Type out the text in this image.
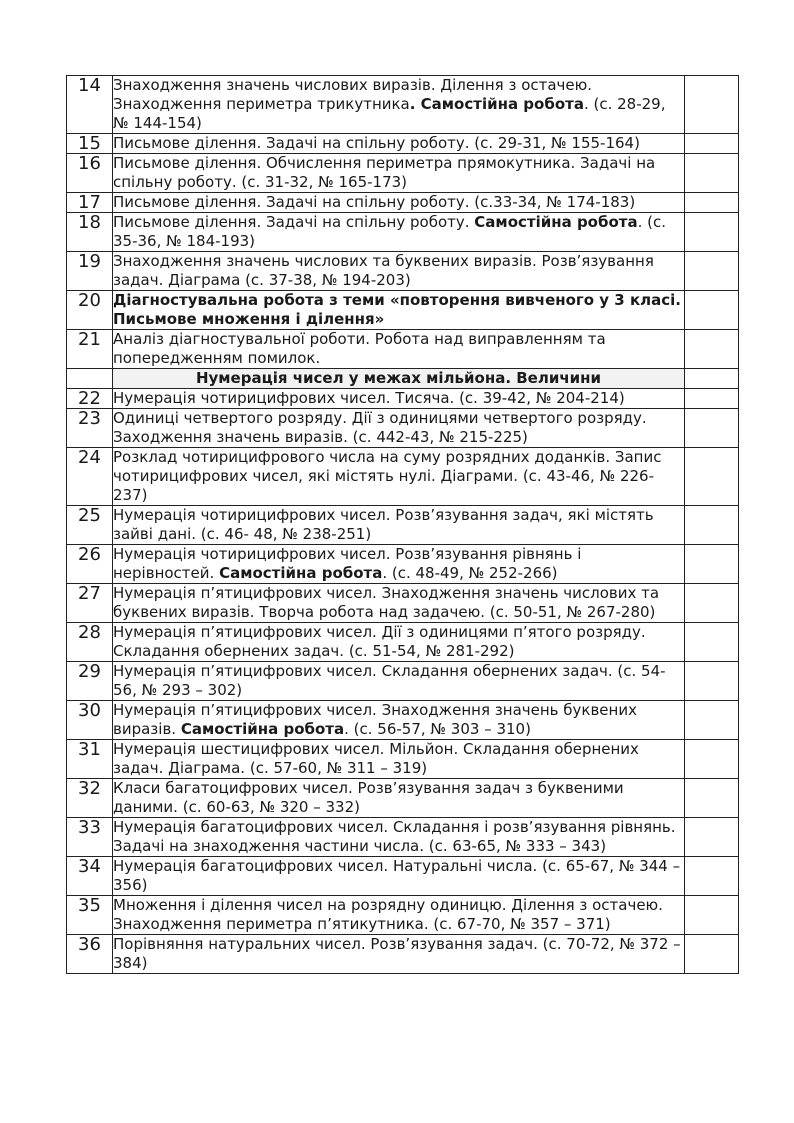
14	Знаходження значень числових виразів. Ділення з остачею. Знаходження периметра трикутника. Самостійна робота. (с. 28-29, № 144-154)	
15	Письмове ділення. Задачі на спільну роботу. (с. 29-31, № 155-164)	
16	Письмове ділення. Обчислення периметра прямокутника. Задачі на спільну роботу. (с. 31-32, № 165-173)	
17	Письмове ділення. Задачі на спільну роботу. (с.33-34, № 174-183)	
18	Письмове ділення. Задачі на спільну роботу. Самостійна робота. (с. 35-36, № 184-193)	
19	Знаходження значень числових та буквених виразів. Розв’язування задач. Діаграма (с. 37-38, № 194-203)	
20	Діагностувальна робота з теми «повторення вивченого у 3 класі. Письмове множення і ділення»	
21	Аналіз діагностувальної роботи. Робота над виправленням та попередженням помилок.	
	Нумерація чисел у межах мільйона. Величини	
22	Нумерація чотирицифрових чисел. Тисяча. (с. 39-42, № 204-214)	
23	Одиниці четвертого розряду. Дії з одиницями четвертого розряду. Заходження значень виразів. (с. 442-43, № 215-225)	
24	Розклад чотирицифрового числа на суму розрядних доданків. Запис чотирицифрових чисел, які містять нулі. Діаграми. (с. 43-46, № 226-237)	
25	Нумерація чотирицифрових чисел. Розв’язування задач, які містять зайві дані. (с. 46- 48, № 238-251)	
26	Нумерація чотирицифрових чисел. Розв’язування рівнянь і нерівностей. Самостійна робота. (с. 48-49, № 252-266)	
27	Нумерація п’ятицифрових чисел. Знаходження значень числових та буквених виразів. Творча робота над задачею. (с. 50-51, № 267-280)	
28	Нумерація п’ятицифрових чисел. Дії з одиницями п’ятого розряду. Складання обернених задач. (с. 51-54, № 281-292)	
29	Нумерація п’ятицифрових чисел. Складання обернених задач. (с. 54-56, № 293 – 302)	
30	Нумерація п’ятицифрових чисел. Знаходження значень буквених виразів. Самостійна робота. (с. 56-57, № 303 – 310)	
31	Нумерація шестицифрових чисел. Мільйон. Складання обернених задач. Діаграма. (с. 57-60, № 311 – 319)	
32	Класи багатоцифрових чисел. Розв’язування задач з буквеними даними. (с. 60-63, № 320 – 332)	
33	Нумерація багатоцифрових чисел. Складання і розв’язування рівнянь. Задачі на знаходження частини числа. (с. 63-65, № 333 – 343)	
34	Нумерація багатоцифрових чисел. Натуральні числа. (с. 65-67, № 344 – 356)	
35	Множення і ділення чисел на розрядну одиницю. Ділення з остачею. Знаходження периметра п’ятикутника. (с. 67-70, № 357 – 371)	
36	Порівняння натуральних чисел. Розв’язування задач. (с. 70-72, № 372 – 384)	
